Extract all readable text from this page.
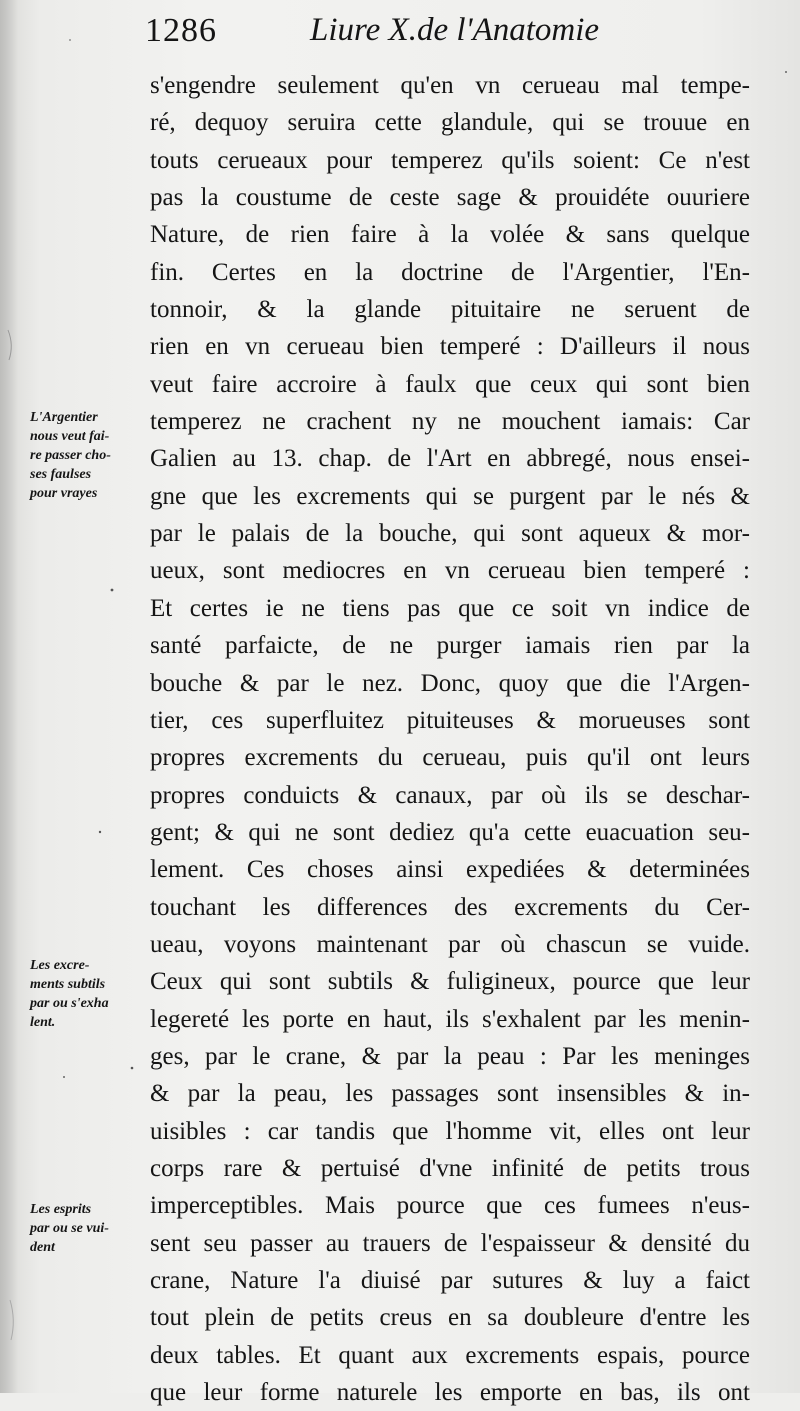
1286	Liure X.de l'Anatomie
s'engendre seulement qu'en vn cerueau mal tempe-
ré, dequoy seruira cette glandule, qui se trouue en
touts cerueaux pour temperez qu'ils soient: Ce n'est
pas la coustume de ceste sage & prouidéte ouuriere
Nature, de rien faire à la volée & sans quelque
fin. Certes en la doctrine de l'Argentier, l'En-
tonnoir, & la glande pituitaire ne seruent de
rien en vn cerueau bien temperé : D'ailleurs il nous
veut faire accroire à faulx que ceux qui sont bien
temperez ne crachent ny ne mouchent iamais: Car
Galien au 13. chap. de l'Art en abbregé, nous ensei-
gne que les excrements qui se purgent par le nés &
par le palais de la bouche, qui sont aqueux & mor-
ueux, sont mediocres en vn cerueau bien temperé :
Et certes ie ne tiens pas que ce soit vn indice de
santé parfaicte, de ne purger iamais rien par la
bouche & par le nez. Donc, quoy que die l'Argen-
tier, ces superfluitez pituiteuses & morueuses sont
propres excrements du cerueau, puis qu'il ont leurs
propres conduicts & canaux, par où ils se deschar-
gent; & qui ne sont dediez qu'a cette euacuation seu-
lement. Ces choses ainsi expediées & determinées
touchant les differences des excrements du Cer-
ueau, voyons maintenant par où chascun se vuide.
Ceux qui sont subtils & fuligineux, pource que leur
legereté les porte en haut, ils s'exhalent par les menin-
ges, par le crane, & par la peau : Par les meninges
& par la peau, les passages sont insensibles & in-
uisibles : car tandis que l'homme vit, elles ont leur
corps rare & pertuisé d'vne infinité de petits trous
imperceptibles. Mais pource que ces fumees n'eus-
sent seu passer au trauers de l'espaisseur & densité du
crane, Nature l'a diuisé par sutures & luy a faict
tout plein de petits creus en sa doubleure d'entre les
deux tables. Et quant aux excrements espais, pource
que leur forme naturele les emporte en bas, ils ont
L'Argentier
nous veut fai-
re passer cho-
ses faulses
pour vrayes
Les excre-
ments subtils
par ou s'exha
lent.
Les esprits
par ou se vui-
dent
